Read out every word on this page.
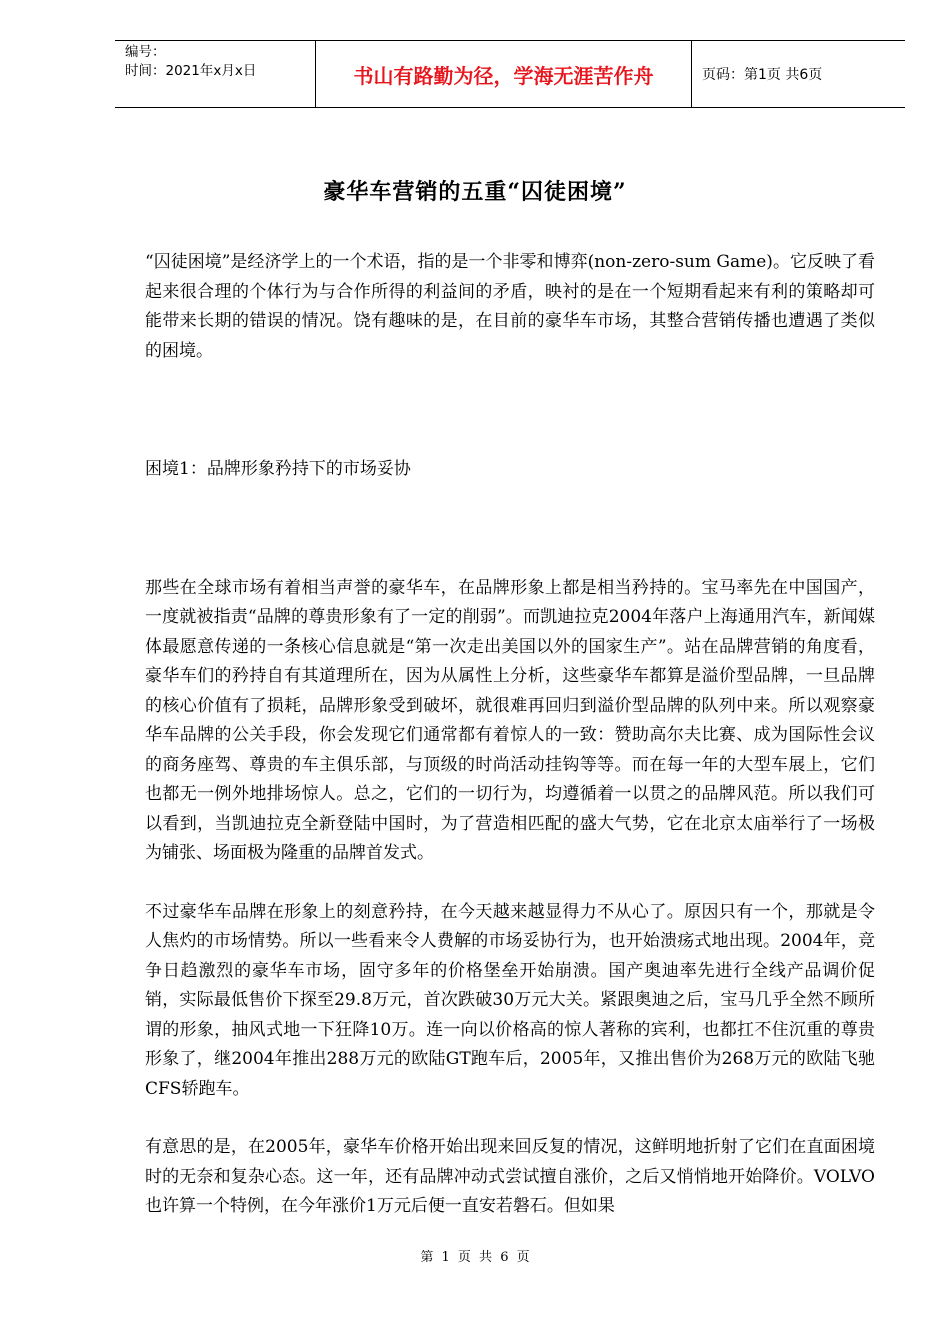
编号：
时间：2021年x月x日	书山有路勤为径，学海无涯苦作舟	页码：第1页 共6页
豪华车营销的五重“囚徒困境”

“囚徒困境”是经济学上的一个术语，指的是一个非零和博弈(non-zero-sum Game)。它反映了看起来很合理的个体行为与合作所得的利益间的矛盾，映衬的是在一个短期看起来有利的策略却可能带来长期的错误的情况。饶有趣味的是，在目前的豪华车市场，其整合营销传播也遭遇了类似的困境。

困境1：品牌形象矜持下的市场妥协

那些在全球市场有着相当声誉的豪华车，在品牌形象上都是相当矜持的。宝马率先在中国国产，一度就被指责“品牌的尊贵形象有了一定的削弱”。而凯迪拉克2004年落户上海通用汽车，新闻媒体最愿意传递的一条核心信息就是“第一次走出美国以外的国家生产”。站在品牌营销的角度看，豪华车们的矜持自有其道理所在，因为从属性上分析，这些豪华车都算是溢价型品牌，一旦品牌的核心价值有了损耗，品牌形象受到破坏，就很难再回归到溢价型品牌的队列中来。所以观察豪华车品牌的公关手段，你会发现它们通常都有着惊人的一致：赞助高尔夫比赛、成为国际性会议的商务座驾、尊贵的车主俱乐部，与顶级的时尚活动挂钩等等。而在每一年的大型车展上，它们也都无一例外地排场惊人。总之，它们的一切行为，均遵循着一以贯之的品牌风范。所以我们可以看到，当凯迪拉克全新登陆中国时，为了营造相匹配的盛大气势，它在北京太庙举行了一场极为铺张、场面极为隆重的品牌首发式。

不过豪华车品牌在形象上的刻意矜持，在今天越来越显得力不从心了。原因只有一个，那就是令人焦灼的市场情势。所以一些看来令人费解的市场妥协行为，也开始溃疡式地出现。2004年，竞争日趋激烈的豪华车市场，固守多年的价格堡垒开始崩溃。国产奥迪率先进行全线产品调价促销，实际最低售价下探至29.8万元，首次跌破30万元大关。紧跟奥迪之后，宝马几乎全然不顾所谓的形象，抽风式地一下狂降10万。连一向以价格高的惊人著称的宾利，也都扛不住沉重的尊贵形象了，继2004年推出288万元的欧陆GT跑车后，2005年，又推出售价为268万元的欧陆飞驰CFS轿跑车。

有意思的是，在2005年，豪华车价格开始出现来回反复的情况，这鲜明地折射了它们在直面困境时的无奈和复杂心态。这一年，还有品牌冲动式尝试擅自涨价，之后又悄悄地开始降价。VOLVO也许算一个特例，在今年涨价1万元后便一直安若磐石。但如果

第 1 页 共 6 页
